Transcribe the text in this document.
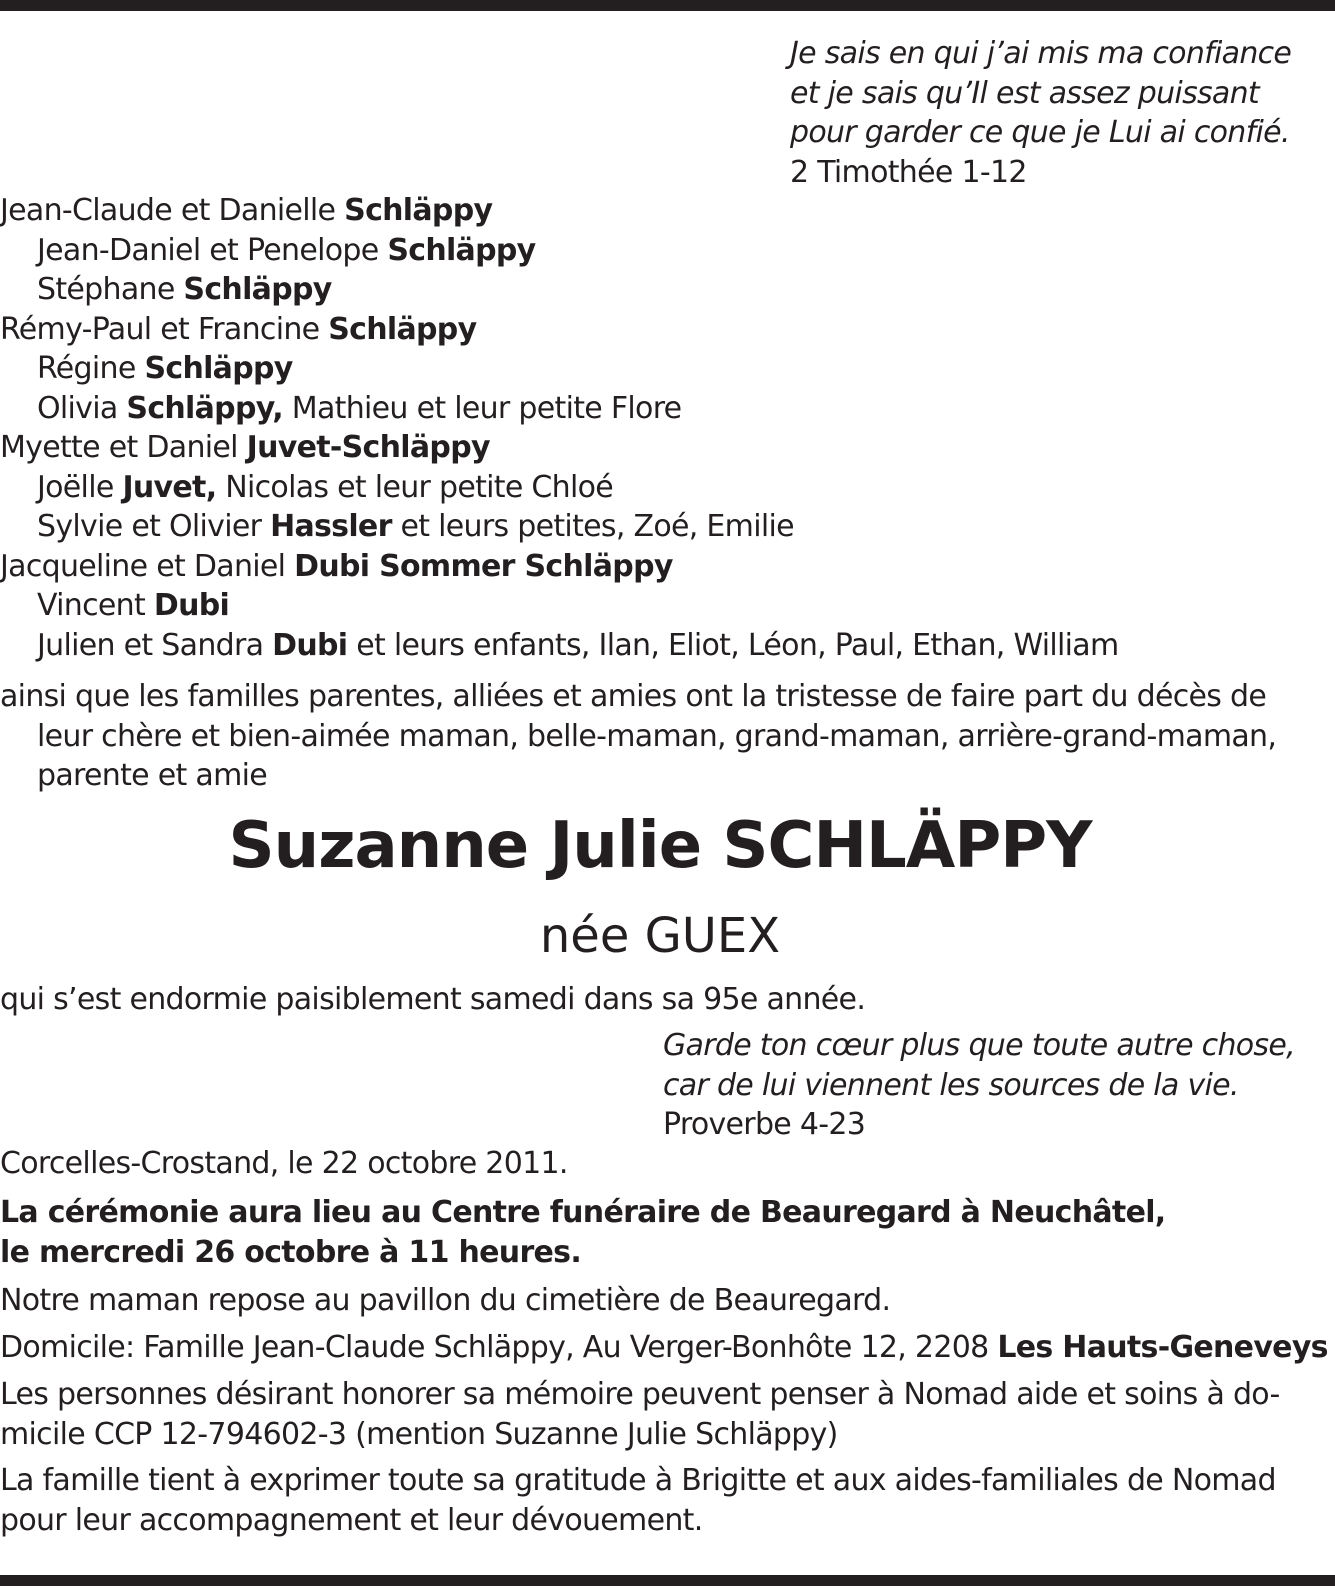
Je sais en qui j’ai mis ma confiance
et je sais qu’Il est assez puissant
pour garder ce que je Lui ai confié.
2 Timothée 1-12
Jean-Claude et Danielle Schläppy
Jean-Daniel et Penelope Schläppy
Stéphane Schläppy
Rémy-Paul et Francine Schläppy
Régine Schläppy
Olivia Schläppy, Mathieu et leur petite Flore
Myette et Daniel Juvet-Schläppy
Joëlle Juvet, Nicolas et leur petite Chloé
Sylvie et Olivier Hassler et leurs petites, Zoé, Emilie
Jacqueline et Daniel Dubi Sommer Schläppy
Vincent Dubi
Julien et Sandra Dubi et leurs enfants, Ilan, Eliot, Léon, Paul, Ethan, William
ainsi que les familles parentes, alliées et amies ont la tristesse de faire part du décès de
leur chère et bien-aimée maman, belle-maman, grand-maman, arrière-grand-maman,
parente et amie
Suzanne Julie SCHLÄPPY
née GUEX
qui s’est endormie paisiblement samedi dans sa 95e année.
Garde ton cœur plus que toute autre chose,
car de lui viennent les sources de la vie.
Proverbe 4-23
Corcelles-Crostand, le 22 octobre 2011.
La cérémonie aura lieu au Centre funéraire de Beauregard à Neuchâtel,
le mercredi 26 octobre à 11 heures.
Notre maman repose au pavillon du cimetière de Beauregard.
Domicile: Famille Jean-Claude Schläppy, Au Verger-Bonhôte 12, 2208 Les Hauts-Geneveys
Les personnes désirant honorer sa mémoire peuvent penser à Nomad aide et soins à do-
micile CCP 12-794602-3 (mention Suzanne Julie Schläppy)
La famille tient à exprimer toute sa gratitude à Brigitte et aux aides-familiales de Nomad
pour leur accompagnement et leur dévouement.
